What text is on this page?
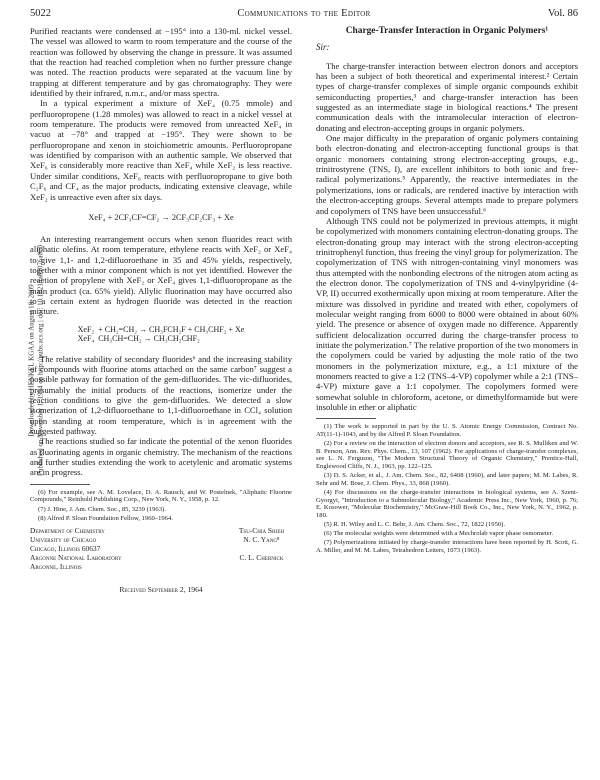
5022	Communications to the Editor	Vol. 86
Downloaded by HENKEL KGAA on August 18, 2009 Published on November 1, 1964 on http://pubs.acs.org | doi: 10.1021/ja01076a070

Purified reactants were condensed at −195° into a 130-ml. nickel vessel. The vessel was allowed to warm to room temperature and the course of the reaction was followed by observing the change in pressure. It was assumed that the reaction had reached completion when no further pressure change was noted. The reaction products were separated at the vacuum line by trapping at different temperature and by gas chromatography. They were identified by their infrared, n.m.r., and/or mass spectra.

In a typical experiment a mixture of XeF₄ (0.75 mmole) and perfluoropropene (1.28 mmoles) was allowed to react in a nickel vessel at room temperature. The products were removed from unreacted XeF₄ in vacuo at −78° and trapped at −195°. They were shown to be perfluoropropane and xenon in stoichiometric amounts. Perfluoropropane was identified by comparison with an authentic sample. We observed that XeF₆ is considerably more reactive than XeF₄ while XeF₂ is less reactive. Under similar conditions, XeF₆ reacts with perfluoropropane to give both C₂F₆ and CF₄ as the major products, indicating extensive cleavage, while XeF₂ is unreactive even after six days.

XeF₄ + 2CF₃CF=CF₂ → 2CF₃CF₂CF₃ + Xe

An interesting rearrangement occurs when xenon fluorides react with aliphatic olefins. At room temperature, ethylene reacts with XeF₂ or XeF₄ to give 1,1- and 1,2-difluoroethane in 35 and 45% yields, respectively, together with a minor component which is not yet identified. However the reaction of propylene with XeF₂ or XeF₄ gives 1,1-difluoropropane as the main product (ca. 65% yield). Allylic fluorination may have occurred also to a certain extent as hydrogen fluoride was detected in the reaction mixture.

XeF₂
XeF₄
+ CH₂=CH₂ → CH₃FCH₂F + CH₃CHF₂ + Xe
CH₃CH=CH₂ → CH₃CH₂CHF₂

The relative stability of secondary fluorides⁶ and the increasing stability of compounds with fluorine atoms attached on the same carbon⁷ suggest a possible pathway for formation of the gem-difluorides. The vic-difluorides, presumably the initial products of the reactions, isomerize under the reaction conditions to give the gem-difluorides. We detected a slow isomerization of 1,2-difluoroethane to 1,1-difluoroethane in CCl₄ solution upon standing at room temperature, which is in agreement with the suggested pathway.

The reactions studied so far indicate the potential of the xenon fluorides as fluorinating agents in organic chemistry. The mechanism of the reactions and further studies extending the work to acetylenic and aromatic systems are in progress.

(6) For example, see A. M. Lovelace, D. A. Rausch, and W. Postelnek, "Aliphatic Fluorine Compounds," Reinhold Publishing Corp., New York, N. Y., 1958, p. 12.
(7) J. Hine, J. Am. Chem. Soc., 85, 3239 (1963).
(8) Alfred P. Sloan Foundation Fellow, 1960–1964.
Department of Chemistry
University of Chicago
Chicago, Illinois 60637
Argonne National Laboratory
Argonne, Illinois
Tsu-Chia Shieh
N. C. Yang⁸
C. L. Chernick
Received September 2, 1964
Charge-Transfer Interaction in Organic Polymers¹
Sir:

The charge-transfer interaction between electron donors and acceptors has been a subject of both theoretical and experimental interest.² Certain types of charge-transfer complexes of simple organic compounds exhibit semiconducting properties,³ and charge-transfer interaction has been suggested as an intermediate stage in biological reactions.⁴ The present communication deals with the intramolecular interaction of electron-donating and electron-accepting groups in organic polymers.

One major difficulty in the preparation of organic polymers containing both electron-donating and electron-accepting functional groups is that organic monomers containing strong electron-accepting groups, e.g., trinitrostyrene (TNS, I), are excellent inhibitors to both ionic and free-radical polymerizations.⁵ Apparently, the reactive intermediates in the polymerizations, ions or radicals, are rendered inactive by interaction with the electron-accepting groups. Several attempts made to prepare polymers and copolymers of TNS have been unsuccessful.⁶

Although TNS could not be polymerized in previous attempts, it might be copolymerized with monomers containing electron-donating groups. The electron-donating group may interact with the strong electron-accepting trinitrophenyl function, thus freeing the vinyl group for polymerization. The copolymerization of TNS with nitrogen-containing vinyl monomers was thus attempted with the nonbonding electrons of the nitrogen atom acting as the electron donor. The copolymerization of TNS and 4-vinylpyridine (4-VP, II) occurred exothermically upon mixing at room temperature. After the mixture was dissolved in pyridine and treated with ether, copolymers of molecular weight ranging from 6000 to 8000 were obtained in about 60% yield. The presence or absence of oxygen made no difference. Apparently sufficient delocalization occurred during the charge-transfer process to initiate the polymerization.⁷ The relative proportion of the two monomers in the copolymers could be varied by adjusting the mole ratio of the two monomers in the polymerization mixture, e.g., a 1:1 mixture of the monomers reacted to give a 1:2 (TNS–4-VP) copolymer while a 2:1 (TNS–4-VP) mixture gave a 1:1 copolymer. The copolymers formed were somewhat soluble in chloroform, acetone, or dimethylformamide but were insoluble in ether or aliphatic

(1) The work is supported in part by the U. S. Atomic Energy Commission, Contract No. AT(11-1)-1043, and by the Alfred P. Sloan Foundation.
(2) For a review on the interaction of electron donors and acceptors, see R. S. Mulliken and W. B. Person, Ann. Rev. Phys. Chem., 13, 107 (1962). For applications of charge-transfer complexes, see L. N. Ferguson, "The Modern Structural Theory of Organic Chemistry," Prentice-Hall, Englewood Cliffs, N. J., 1963, pp. 122–125.
(3) D. S. Acker, et al., J. Am. Chem. Soc., 82, 6408 (1960), and later papers; M. M. Labes, R. Sehr and M. Bose, J. Chem. Phys., 33, 868 (1960).
(4) For discussions on the charge-transfer interactions in biological systems, see A. Szent-Gyorgyi, "Introduction to a Submolecular Biology," Academic Press Inc., New York, 1960, p. 76; E. Kosower, "Molecular Biochemistry," McGraw-Hill Book Co., Inc., New York, N. Y., 1962, p. 180.
(5) R. H. Wiley and L. C. Behr, J. Am. Chem. Soc., 72, 1822 (1950).
(6) The molecular weights were determined with a Mechrolab vapor phase osmometer.
(7) Polymerizations initiated by charge-transfer interactions have been reported by H. Scott, G. A. Miller, and M. M. Labes, Tetrahedron Letters, 1073 (1963).
